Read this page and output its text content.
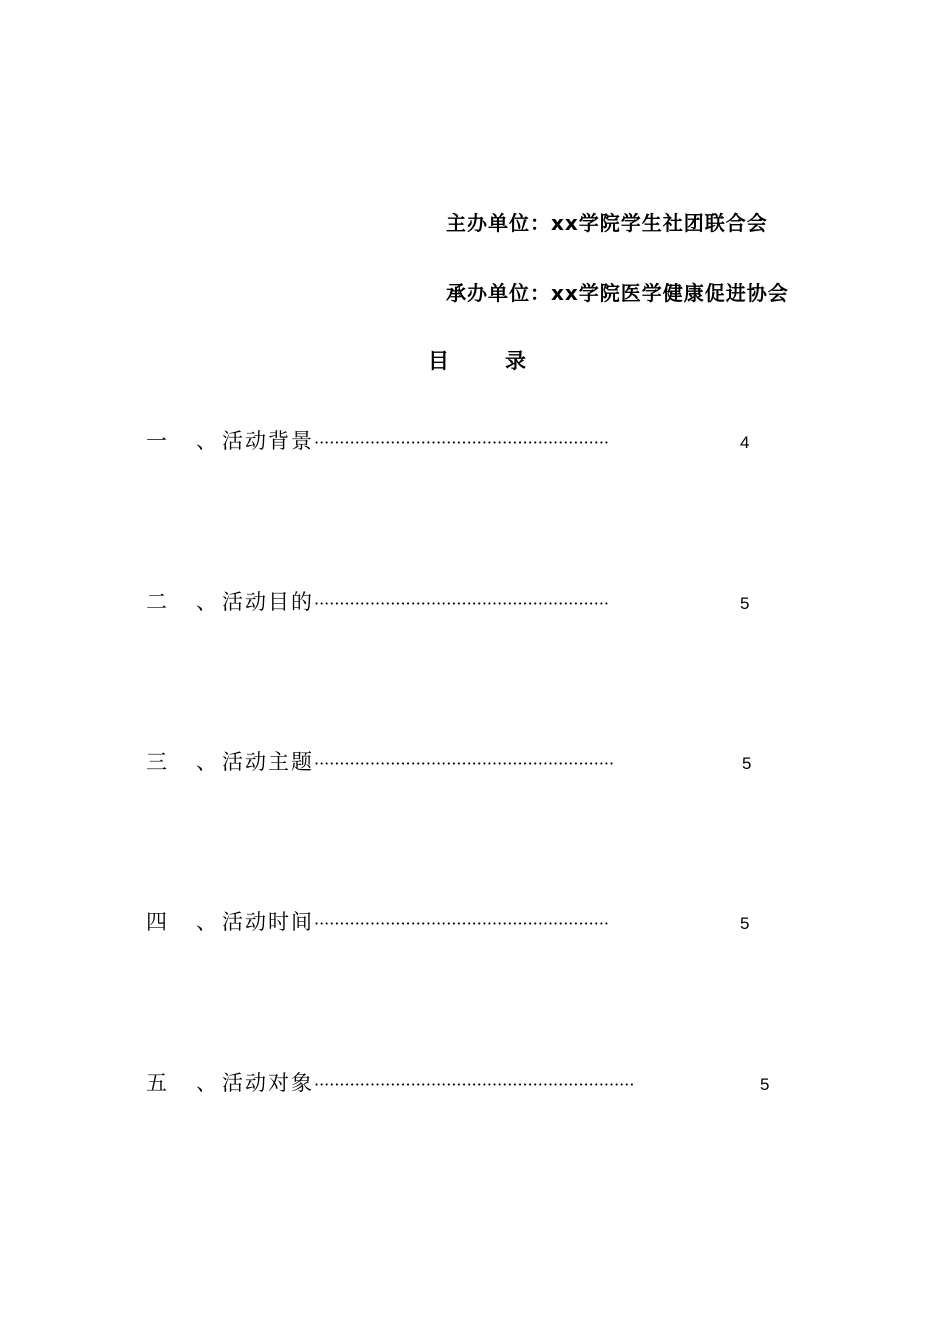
主办单位：xx学院学生社团联合会
承办单位：xx学院医学健康促进协会
目	录
一	、 活动背景 ··························································	4
二	、 活动目的 ··························································	5
三	、 活动主题 ···························································	5
四	、 活动时间 ··························································	5
五	、 活动对象 ·······························································	5
